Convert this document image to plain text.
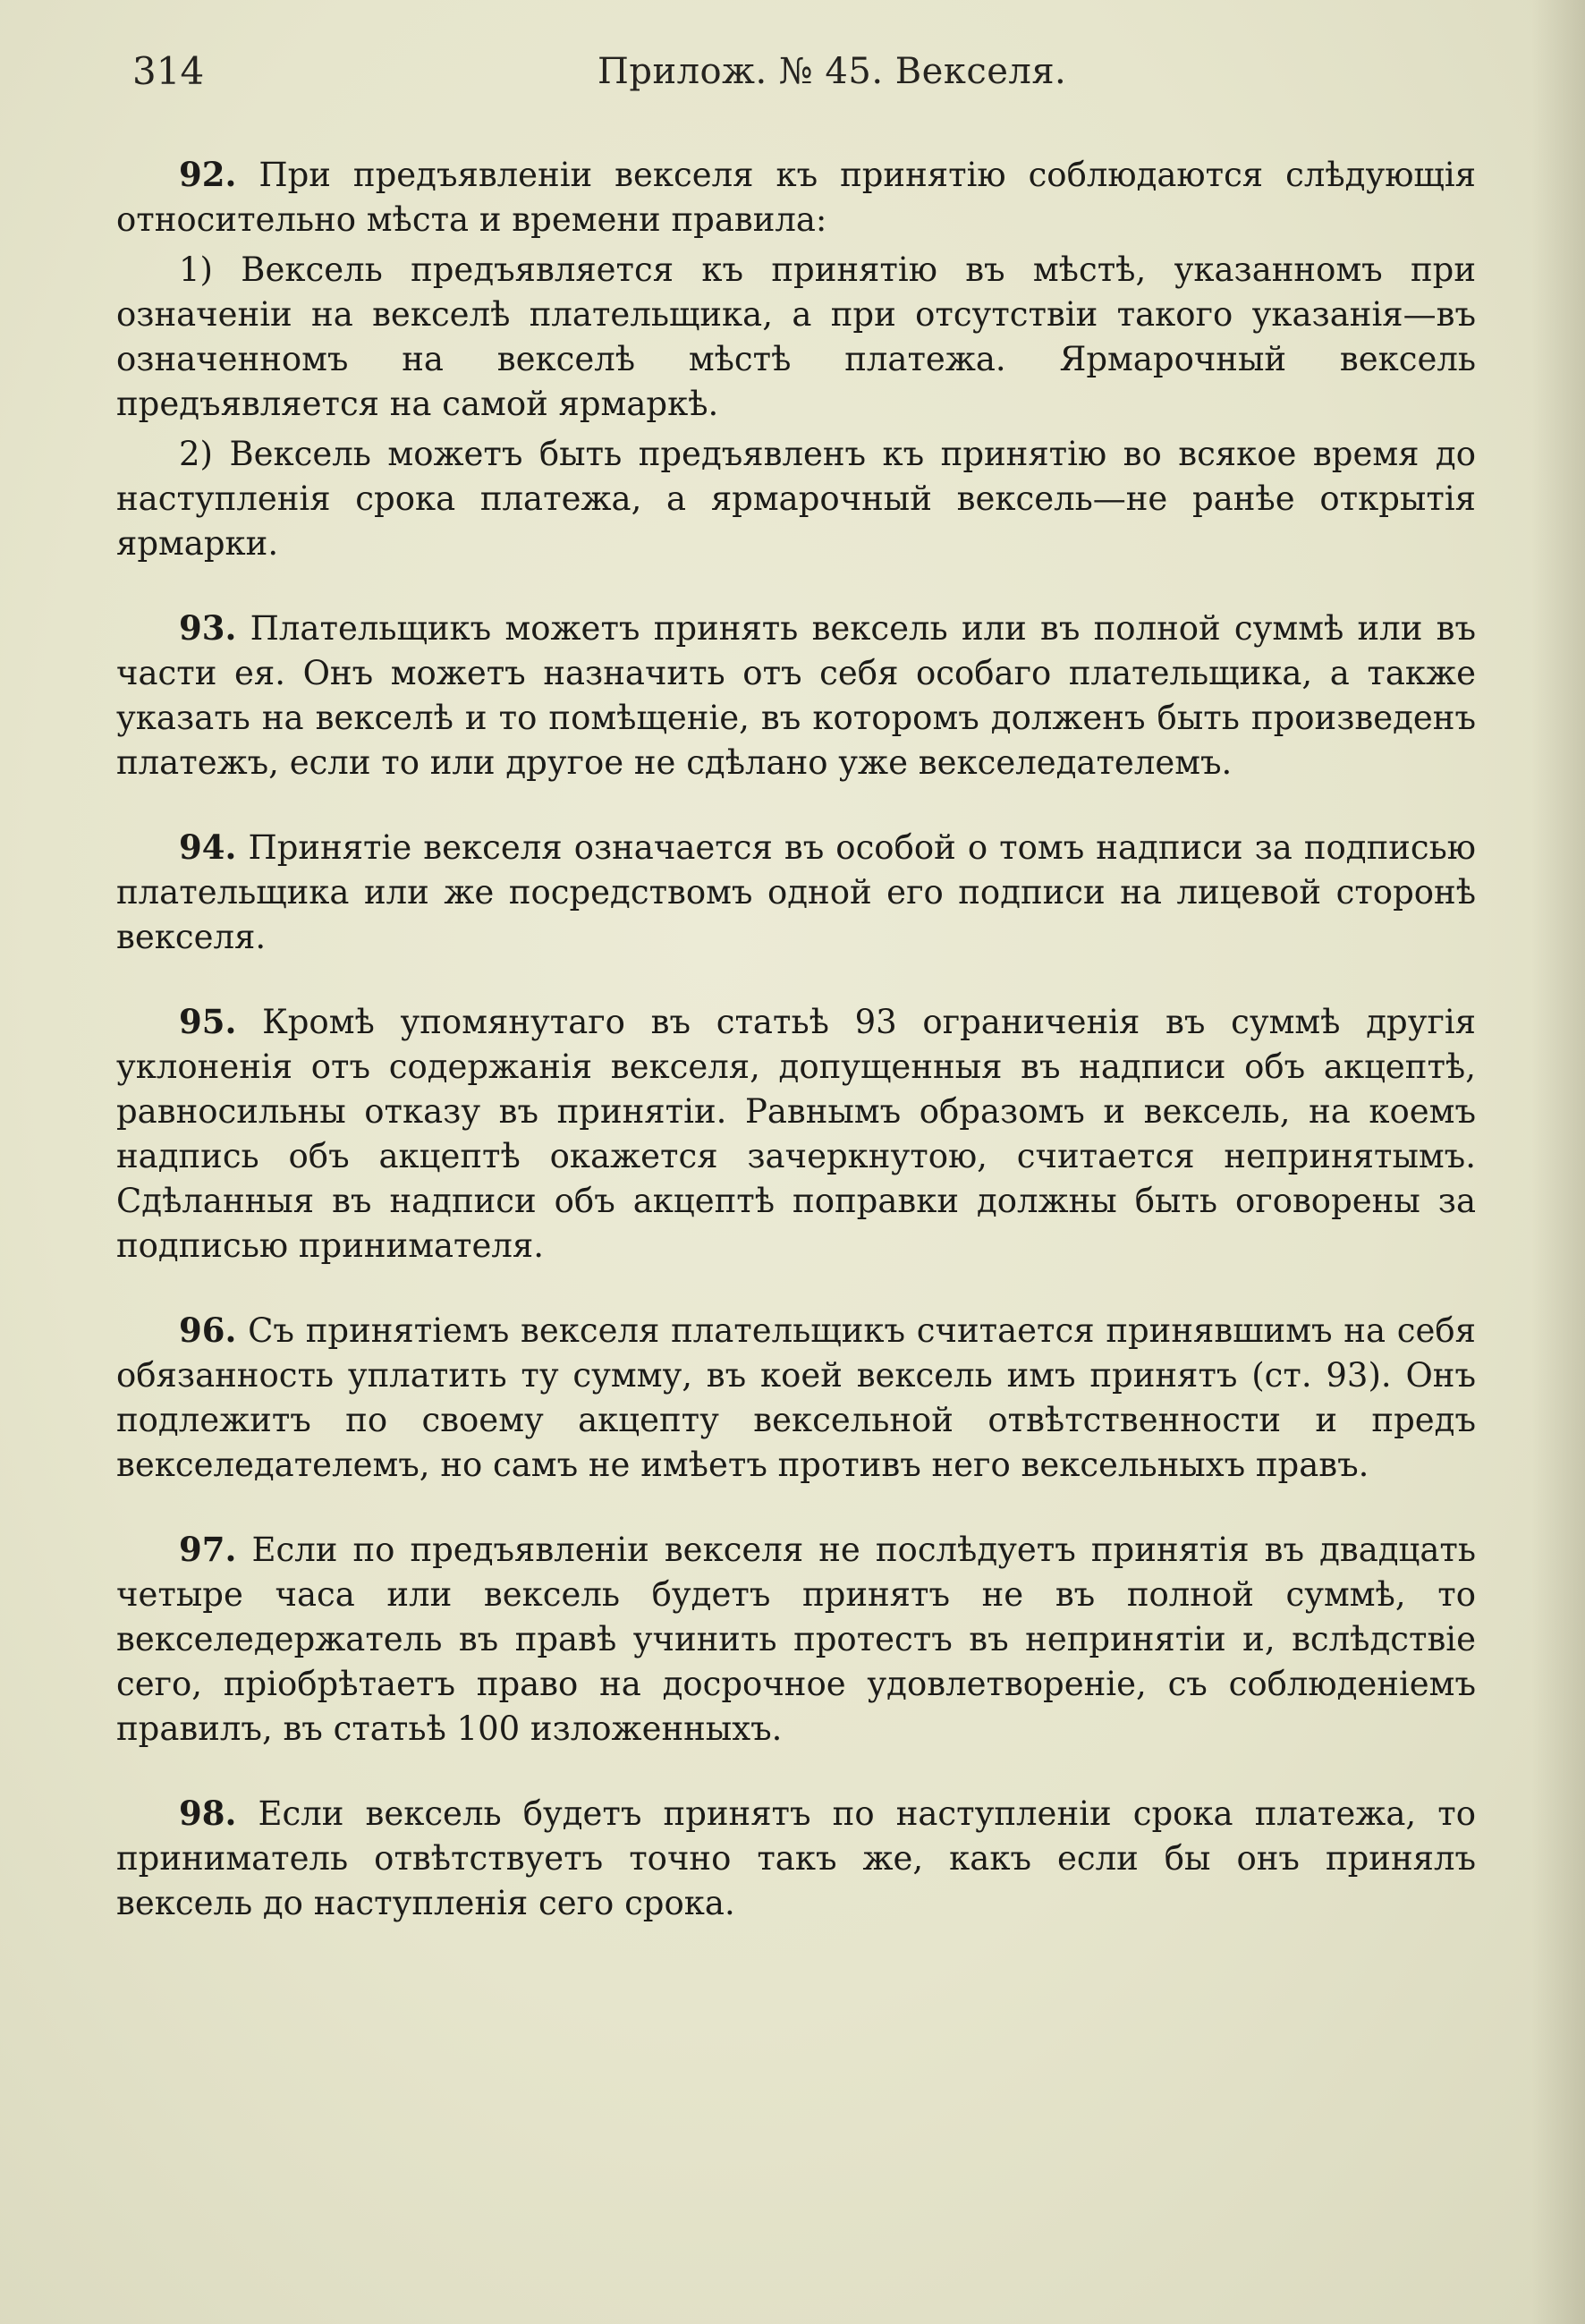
314	Прилож. № 45. Векселя.

92. При предъявленіи векселя къ принятію соблюдаются слѣдующія относительно мѣста и времени правила:

1) Вексель предъявляется къ принятію въ мѣстѣ, указанномъ при означеніи на векселѣ плательщика, а при отсутствіи такого указанія—въ означенномъ на векселѣ мѣстѣ платежа. Ярмарочный вексель предъявляется на самой ярмаркѣ.

2) Вексель можетъ быть предъявленъ къ принятію во всякое время до наступленія срока платежа, а ярмарочный вексель—не ранѣе открытія ярмарки.

93. Плательщикъ можетъ принять вексель или въ полной суммѣ или въ части ея. Онъ можетъ назначить отъ себя особаго плательщика, а также указать на векселѣ и то помѣщеніе, въ которомъ долженъ быть произведенъ платежъ, если то или другое не сдѣлано уже векселедателемъ.

94. Принятіе векселя означается въ особой о томъ надписи за подписью плательщика или же посредствомъ одной его подписи на лицевой сторонѣ векселя.

95. Кромѣ упомянутаго въ статьѣ 93 ограниченія въ суммѣ другія уклоненія отъ содержанія векселя, допущенныя въ надписи объ акцептѣ, равносильны отказу въ принятіи. Равнымъ образомъ и вексель, на коемъ надпись объ акцептѣ окажется зачеркнутою, считается непринятымъ. Сдѣланныя въ надписи объ акцептѣ поправки должны быть оговорены за подписью принимателя.

96. Съ принятіемъ векселя плательщикъ считается принявшимъ на себя обязанность уплатить ту сумму, въ коей вексель имъ принятъ (ст. 93). Онъ подлежитъ по своему акцепту вексельной отвѣтственности и предъ векселедателемъ, но самъ не имѣетъ противъ него вексельныхъ правъ.

97. Если по предъявленіи векселя не послѣдуетъ принятія въ двадцать четыре часа или вексель будетъ принятъ не въ полной суммѣ, то векселедержатель въ правѣ учинить протестъ въ непринятіи и, вслѣдствіе сего, пріобрѣтаетъ право на досрочное удовлетвореніе, съ соблюденіемъ правилъ, въ статьѣ 100 изложенныхъ.

98. Если вексель будетъ принятъ по наступленіи срока платежа, то приниматель отвѣтствуетъ точно такъ же, какъ если бы онъ принялъ вексель до наступленія сего срока.
